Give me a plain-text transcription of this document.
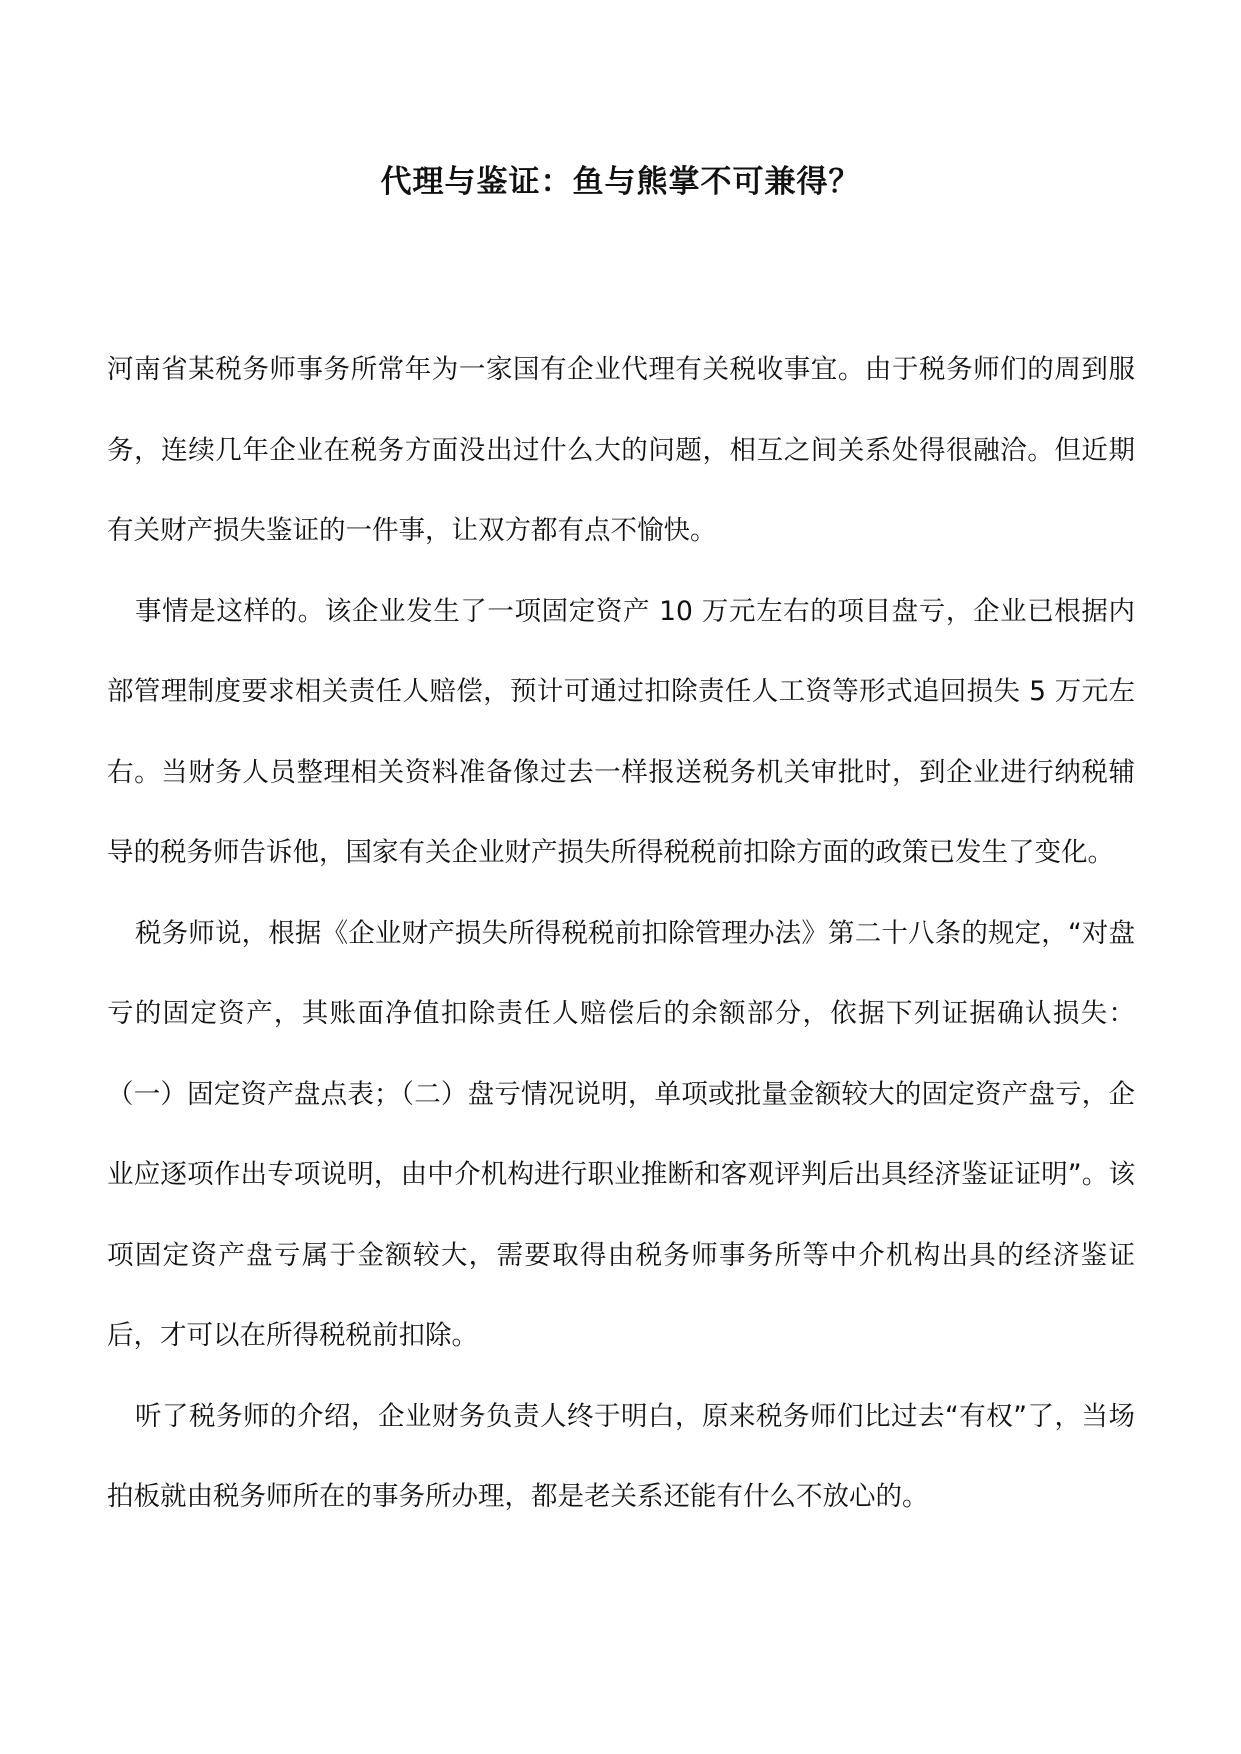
代理与鉴证：鱼与熊掌不可兼得？

河南省某税务师事务所常年为一家国有企业代理有关税收事宜。由于税务师们的周到服务，连续几年企业在税务方面没出过什么大的问题，相互之间关系处得很融洽。但近期有关财产损失鉴证的一件事，让双方都有点不愉快。

事情是这样的。该企业发生了一项固定资产 10 万元左右的项目盘亏，企业已根据内部管理制度要求相关责任人赔偿，预计可通过扣除责任人工资等形式追回损失 5 万元左右。当财务人员整理相关资料准备像过去一样报送税务机关审批时，到企业进行纳税辅导的税务师告诉他，国家有关企业财产损失所得税税前扣除方面的政策已发生了变化。

税务师说，根据《企业财产损失所得税税前扣除管理办法》第二十八条的规定，“对盘亏的固定资产，其账面净值扣除责任人赔偿后的余额部分，依据下列证据确认损失：（一）固定资产盘点表；（二）盘亏情况说明，单项或批量金额较大的固定资产盘亏，企业应逐项作出专项说明，由中介机构进行职业推断和客观评判后出具经济鉴证证明”。该项固定资产盘亏属于金额较大，需要取得由税务师事务所等中介机构出具的经济鉴证后，才可以在所得税税前扣除。

听了税务师的介绍，企业财务负责人终于明白，原来税务师们比过去“有权”了，当场拍板就由税务师所在的事务所办理，都是老关系还能有什么不放心的。
